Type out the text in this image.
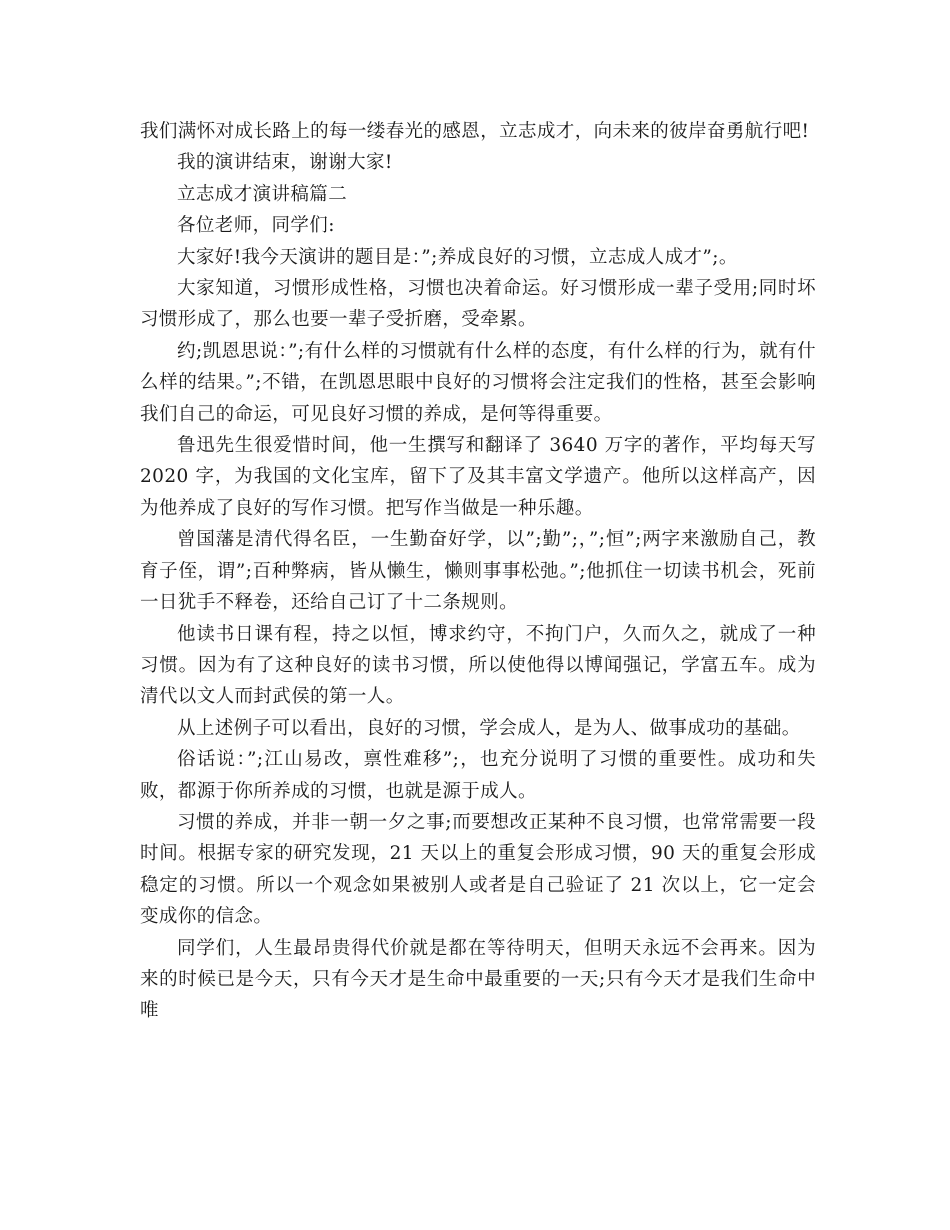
我们满怀对成长路上的每一缕春光的感恩，立志成才，向未来的彼岸奋勇航行吧!

我的演讲结束，谢谢大家!

立志成才演讲稿篇二

各位老师，同学们:

大家好!我今天演讲的题目是：”;养成良好的习惯，立志成人成才”;。

大家知道，习惯形成性格，习惯也决着命运。好习惯形成一辈子受用;同时坏习惯形成了，那么也要一辈子受折磨，受牵累。

约;凯恩思说：”;有什么样的习惯就有什么样的态度，有什么样的行为，就有什么样的结果。”;不错，在凯恩思眼中良好的习惯将会注定我们的性格，甚至会影响我们自己的命运，可见良好习惯的养成，是何等得重要。

鲁迅先生很爱惜时间，他一生撰写和翻译了 3640 万字的著作，平均每天写 2020 字，为我国的文化宝库，留下了及其丰富文学遗产。他所以这样高产，因为他养成了良好的写作习惯。把写作当做是一种乐趣。

曾国藩是清代得名臣，一生勤奋好学，以”;勤”;，”;恒”;两字来激励自己，教育子侄，谓”;百种弊病，皆从懒生，懒则事事松弛。”;他抓住一切读书机会，死前一日犹手不释卷，还给自己订了十二条规则。

他读书日课有程，持之以恒，博求约守，不拘门户，久而久之，就成了一种习惯。因为有了这种良好的读书习惯，所以使他得以博闻强记，学富五车。成为清代以文人而封武侯的第一人。

从上述例子可以看出，良好的习惯，学会成人，是为人、做事成功的基础。

俗话说：”;江山易改，禀性难移”;，也充分说明了习惯的重要性。成功和失败，都源于你所养成的习惯，也就是源于成人。

习惯的养成，并非一朝一夕之事;而要想改正某种不良习惯，也常常需要一段时间。根据专家的研究发现，21 天以上的重复会形成习惯，90 天的重复会形成稳定的习惯。所以一个观念如果被别人或者是自己验证了 21 次以上，它一定会变成你的信念。

同学们，人生最昂贵得代价就是都在等待明天，但明天永远不会再来。因为来的时候已是今天，只有今天才是生命中最重要的一天;只有今天才是我们生命中唯
